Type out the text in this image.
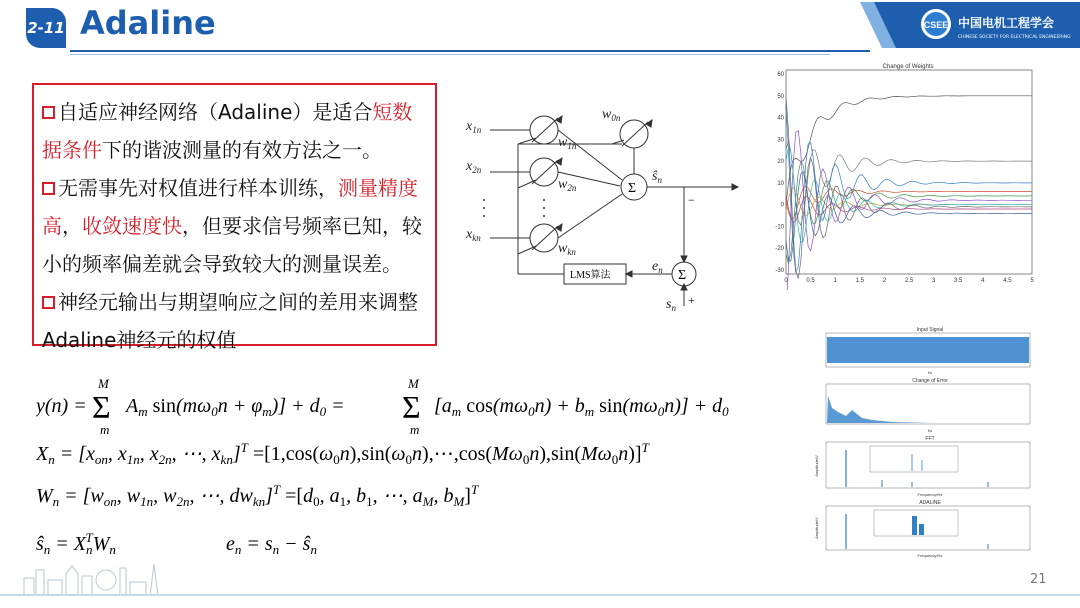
2-11 Adaline	CSEE 中国电机工程学会
CHINESE SOCIETY FOR ELECTRICAL ENGINEERING

自适应神经网络（Adaline）是适合短数据条件下的谐波测量的有效方法之一。

无需事先对权值进行样本训练，测量精度高，收敛速度快，但要求信号频率已知，较小的频率偏差就会导致较大的测量误差。

神经元输出与期望响应之间的差用来调整Adaline神经元的权值

$x_{1n}$
$x_{2n}$
$x_{kn}$
$w_{1n}$
$w_{2n}$
$w_{kn}$
$w_{0n}$
$ŝ_n$
$e_n$
$s_n$
Σ
Σ
−
+
LMS算法
Change of Weights
60
50
40
30
20
10
0
-10
-20
-30
0	0.5	1	1.5	2	2.5	3	3.5	4	4.5	5
Input Signal
t/s
Change of Error
t/s
FFT
Frequency/Hz
Amplitude/V
ADALINE
Frequency/Hz
Amplitude/V
y(n) =
M
Σ
m
$A_m$ $\sin(m\omega_0n + \varphi_m)] + d_0$ =
M
Σ
m
[$a_m$ $\cos(m\omega_0n) + b_m$ $\sin(m\omega_0n)] + d_0$
$X_n = [x_{on}$, $x_{1n}$, $x_{2n}$, ⋯, $x_{kn}]^T$ $=[1,\cos(\omega_0n),\sin(\omega_0n),\cdots,\cos(M\omega_0n),\sin(M\omega_0n)]^T$
$W_n = [w_{on}$, $w_{1n}$, $w_{2n}$, ⋯, $dw_{kn}]^T =[d_0$, $a_1$, $b_1$, ⋯, $a_M$, $b_M]^T$
$ŝ_n = X_nTW_n$	$e_n = s_n$ − $ŝ_n$
21
